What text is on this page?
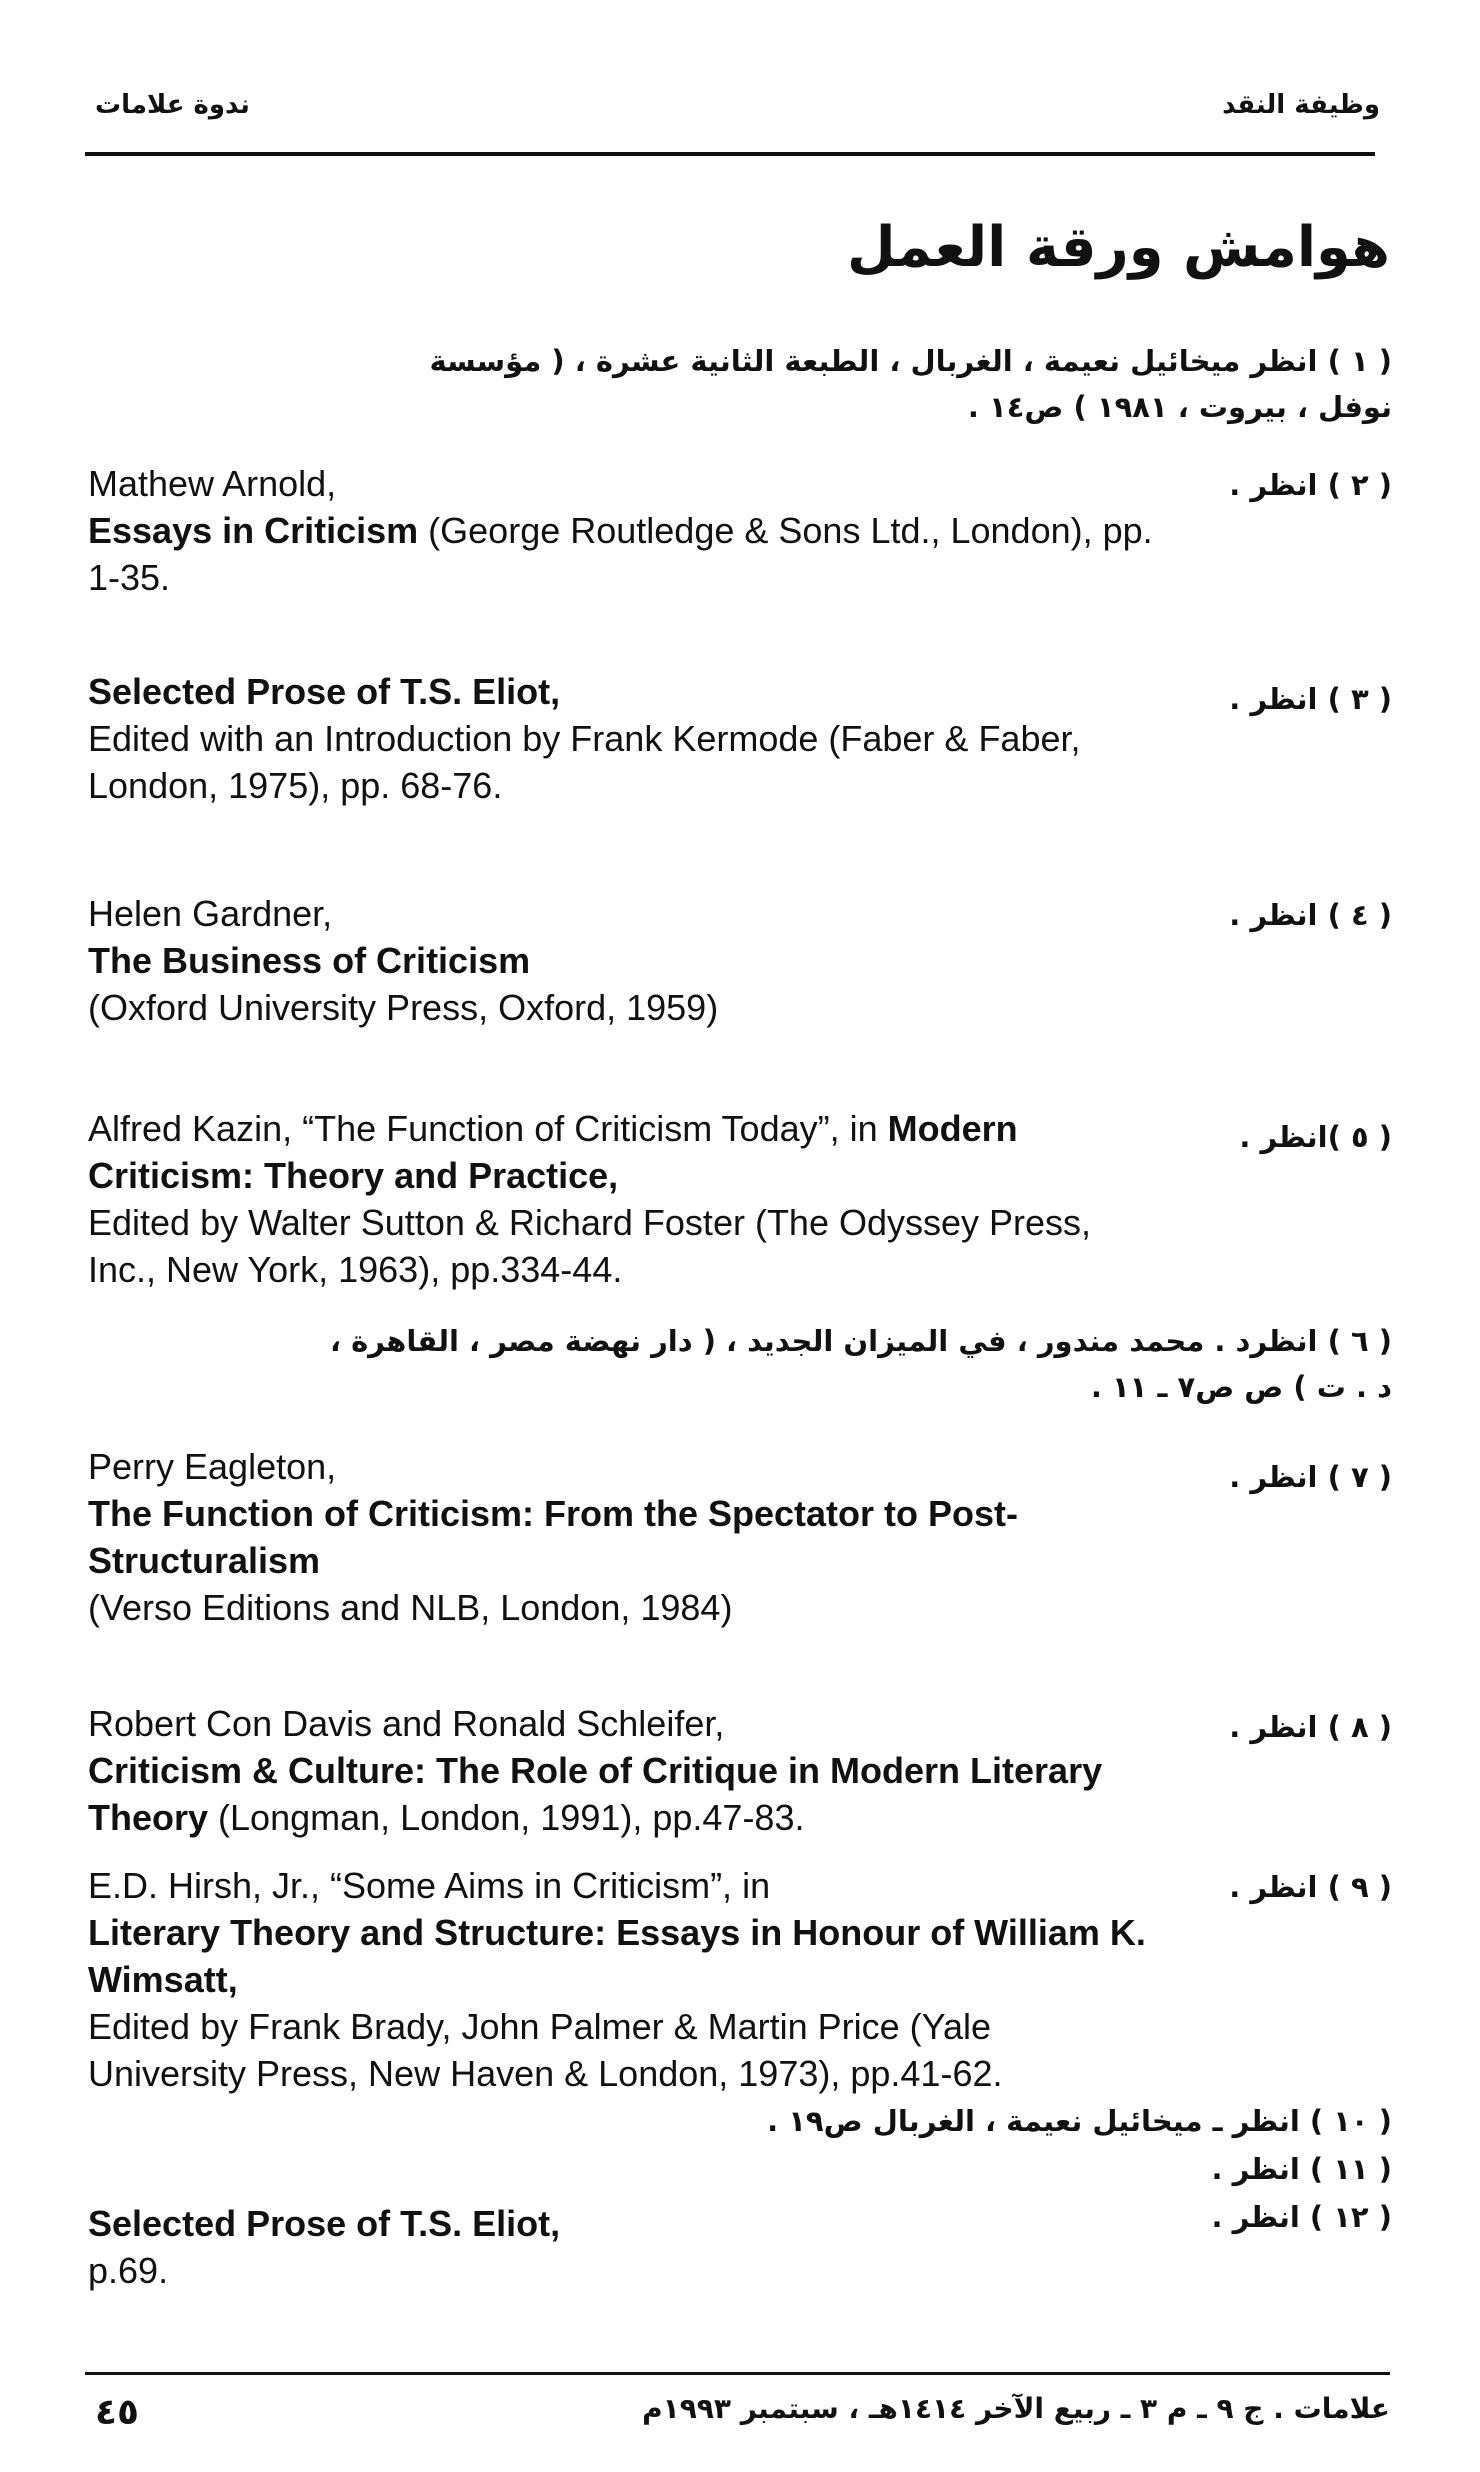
وظيفة النقد
ندوة علامات
هوامش ورقة العمل
( ١ ) انظر ميخائيل نعيمة ، الغربال ، الطبعة الثانية عشرة ، ( مؤسسة
نوفل ، بيروت ، ١٩٨١ ) ص١٤ .
( ٢ ) انظر .
Mathew Arnold,
Essays in Criticism (George Routledge & Sons Ltd., London), pp.
1-35.
( ٣ ) انظر .
Selected Prose of T.S. Eliot,
Edited with an Introduction by Frank Kermode (Faber & Faber,
London, 1975), pp. 68-76.
( ٤ ) انظر .
Helen Gardner,
The Business of Criticism
(Oxford University Press, Oxford, 1959)
( ٥ )انظر .
Alfred Kazin, “The Function of Criticism Today”, in Modern
Criticism: Theory and Practice,
Edited by Walter Sutton & Richard Foster (The Odyssey Press,
Inc., New York, 1963), pp.334-44.
( ٦ ) انظرد . محمد مندور ، في الميزان الجديد ، ( دار نهضة مصر ، القاهرة ،
د . ت ) ص ص٧ ـ ١١ .
( ٧ ) انظر .
Perry Eagleton,
The Function of Criticism: From the Spectator to Post-
Structuralism
(Verso Editions and NLB, London, 1984)
( ٨ ) انظر .
Robert Con Davis and Ronald Schleifer,
Criticism & Culture: The Role of Critique in Modern Literary
Theory (Longman, London, 1991), pp.47-83.
( ٩ ) انظر .
E.D. Hirsh, Jr., “Some Aims in Criticism”, in
Literary Theory and Structure: Essays in Honour of William K.
Wimsatt,
Edited by Frank Brady, John Palmer & Martin Price (Yale
University Press, New Haven & London, 1973), pp.41-62.
( ١٠ ) انظر ـ ميخائيل نعيمة ، الغربال ص١٩ .
( ١١ ) انظر .
( ١٢ ) انظر .
Selected Prose of T.S. Eliot,
p.69.
علامات . ج ٩ ـ م ٣ ـ ربيع الآخر ١٤١٤هـ ، سبتمبر ١٩٩٣م
٤٥
